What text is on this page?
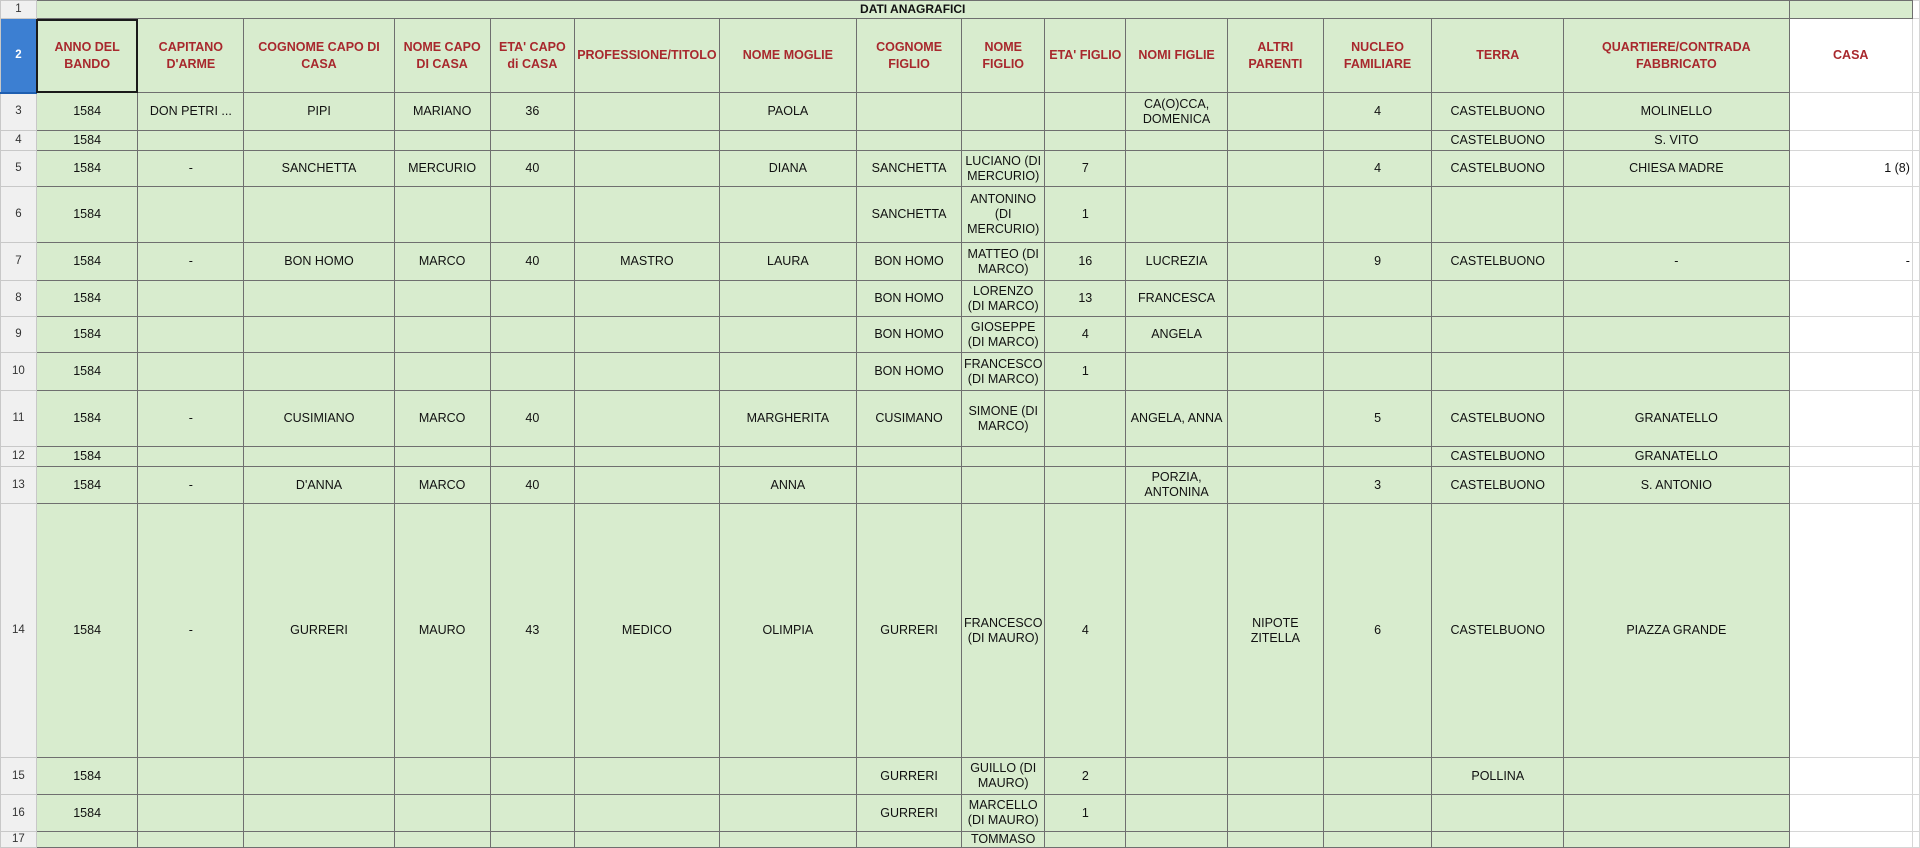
1	DATI ANAGRAFICI																
2	ANNO DEL BANDO	CAPITANO D'ARME	COGNOME CAPO DI CASA	NOME CAPO DI CASA	ETA' CAPO di CASA	PROFESSIONE/TITOLO	NOME MOGLIE	COGNOME FIGLIO	NOME FIGLIO	ETA' FIGLIO	NOMI FIGLIE	ALTRI PARENTI	NUCLEO FAMILIARE	TERRA	QUARTIERE/CONTRADA FABBRICATO	CASA	
3	1584	DON PETRI ...	PIPI	MARIANO	36		PAOLA				CA(O)CCA, DOMENICA		4	CASTELBUONO	MOLINELLO		
4	1584													CASTELBUONO	S. VITO		
5	1584	-	SANCHETTA	MERCURIO	40		DIANA	SANCHETTA	LUCIANO (DI MERCURIO)	7			4	CASTELBUONO	CHIESA MADRE	1 (8)	
6	1584							SANCHETTA	ANTONINO (DI MERCURIO)	1							
7	1584	-	BON HOMO	MARCO	40	MASTRO	LAURA	BON HOMO	MATTEO (DI MARCO)	16	LUCREZIA		9	CASTELBUONO	-	-	
8	1584							BON HOMO	LORENZO (DI MARCO)	13	FRANCESCA						
9	1584							BON HOMO	GIOSEPPE (DI MARCO)	4	ANGELA						
10	1584							BON HOMO	FRANCESCO (DI MARCO)	1							
11	1584	-	CUSIMIANO	MARCO	40		MARGHERITA	CUSIMANO	SIMONE (DI MARCO)		ANGELA, ANNA		5	CASTELBUONO	GRANATELLO		
12	1584													CASTELBUONO	GRANATELLO		
13	1584	-	D'ANNA	MARCO	40		ANNA				PORZIA, ANTONINA		3	CASTELBUONO	S. ANTONIO		
14	1584	-	GURRERI	MAURO	43	MEDICO	OLIMPIA	GURRERI	FRANCESCO (DI MAURO)	4		NIPOTE ZITELLA	6	CASTELBUONO	PIAZZA GRANDE		
15	1584							GURRERI	GUILLO (DI MAURO)	2				POLLINA			
16	1584							GURRERI	MARCELLO (DI MAURO)	1							
17									TOMMASO								
